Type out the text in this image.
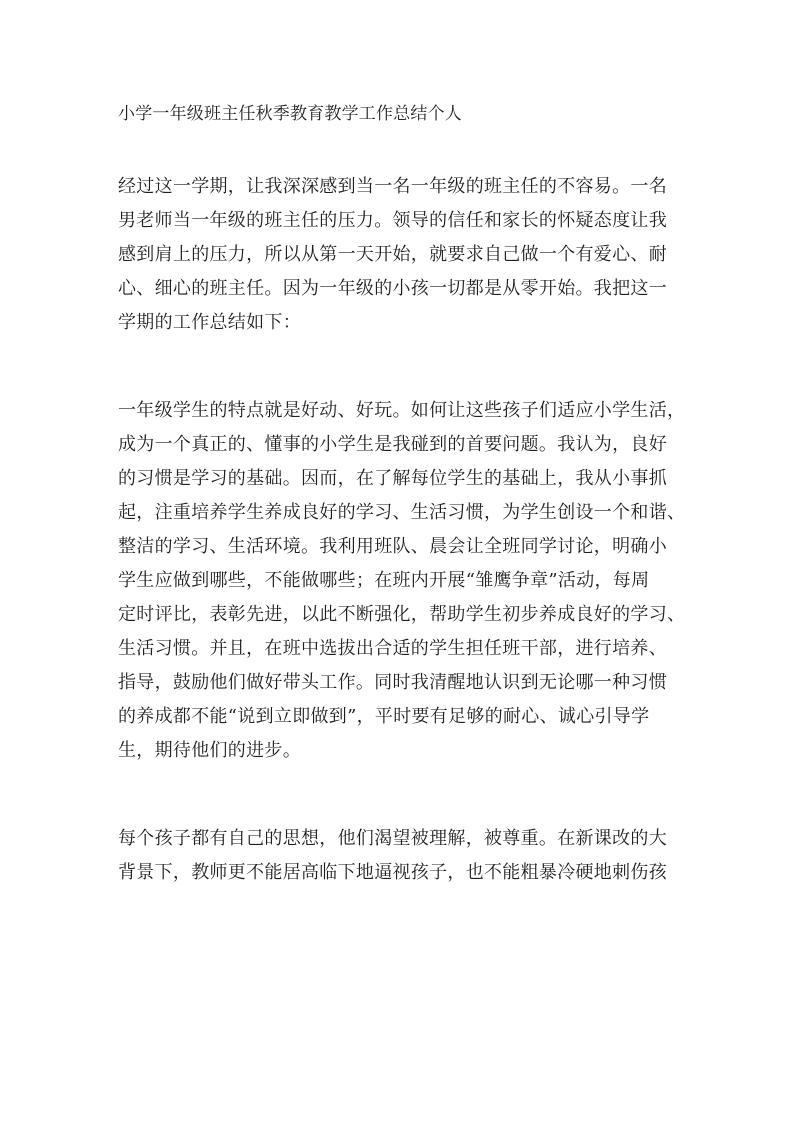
小学一年级班主任秋季教育教学工作总结个人
经过这一学期，让我深深感到当一名一年级的班主任的不容易。一名
男老师当一年级的班主任的压力。领导的信任和家长的怀疑态度让我
感到肩上的压力，所以从第一天开始，就要求自己做一个有爱心、耐
心、细心的班主任。因为一年级的小孩一切都是从零开始。我把这一
学期的工作总结如下：
一年级学生的特点就是好动、好玩。如何让这些孩子们适应小学生活，
成为一个真正的、懂事的小学生是我碰到的首要问题。我认为，良好
的习惯是学习的基础。因而，在了解每位学生的基础上，我从小事抓
起，注重培养学生养成良好的学习、生活习惯，为学生创设一个和谐、
整洁的学习、生活环境。我利用班队、晨会让全班同学讨论，明确小
学生应做到哪些，不能做哪些；在班内开展“雏鹰争章”活动，每周
定时评比，表彰先进，以此不断强化，帮助学生初步养成良好的学习、
生活习惯。并且，在班中选拔出合适的学生担任班干部，进行培养、
指导，鼓励他们做好带头工作。同时我清醒地认识到无论哪一种习惯
的养成都不能“说到立即做到”，平时要有足够的耐心、诚心引导学
生，期待他们的进步。
每个孩子都有自己的思想，他们渴望被理解，被尊重。在新课改的大
背景下，教师更不能居高临下地逼视孩子，也不能粗暴冷硬地刺伤孩
